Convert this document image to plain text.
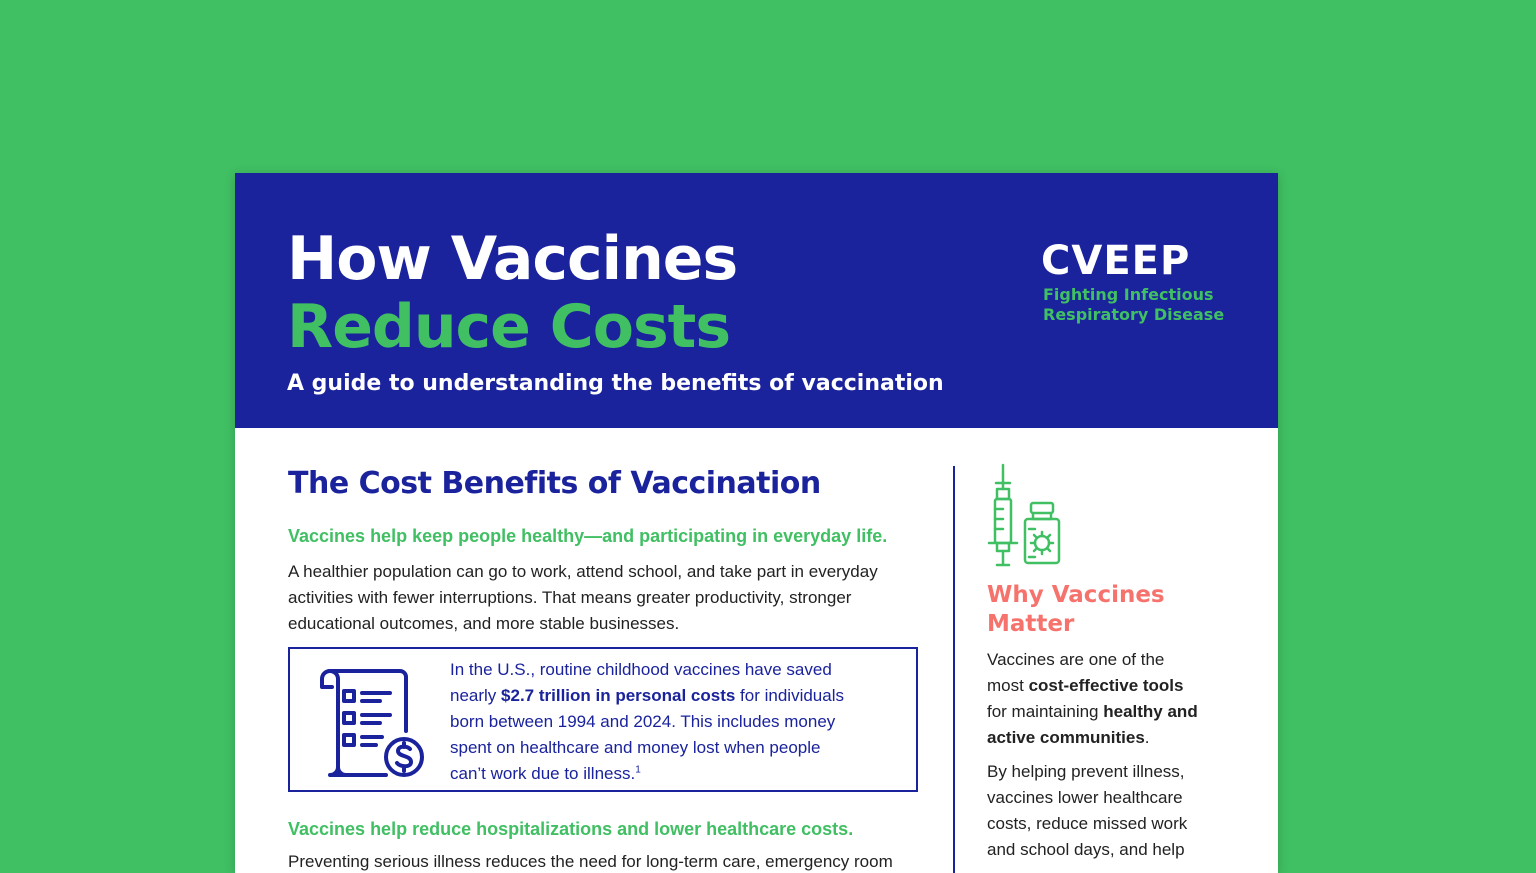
How Vaccines
Reduce Costs
A guide to understanding the benefits of vaccination
CVEEP
Fighting Infectious
Respiratory Disease
The Cost Benefits of Vaccination

Vaccines help keep people healthy—and participating in everyday life.

A healthier population can go to work, attend school, and take part in everyday
activities with fewer interruptions. That means greater productivity, stronger
educational outcomes, and more stable businesses.

In the U.S., routine childhood vaccines have saved
nearly $2.7 trillion in personal costs for individuals
born between 1994 and 2024. This includes money
spent on healthcare and money lost when people
can’t work due to illness.$^1$

Vaccines help reduce hospitalizations and lower healthcare costs.

Preventing serious illness reduces the need for long-term care, emergency room

Why Vaccines
Matter

Vaccines are one of the
most cost-effective tools
for maintaining healthy and
active communities.

By helping prevent illness,
vaccines lower healthcare
costs, reduce missed work
and school days, and help
